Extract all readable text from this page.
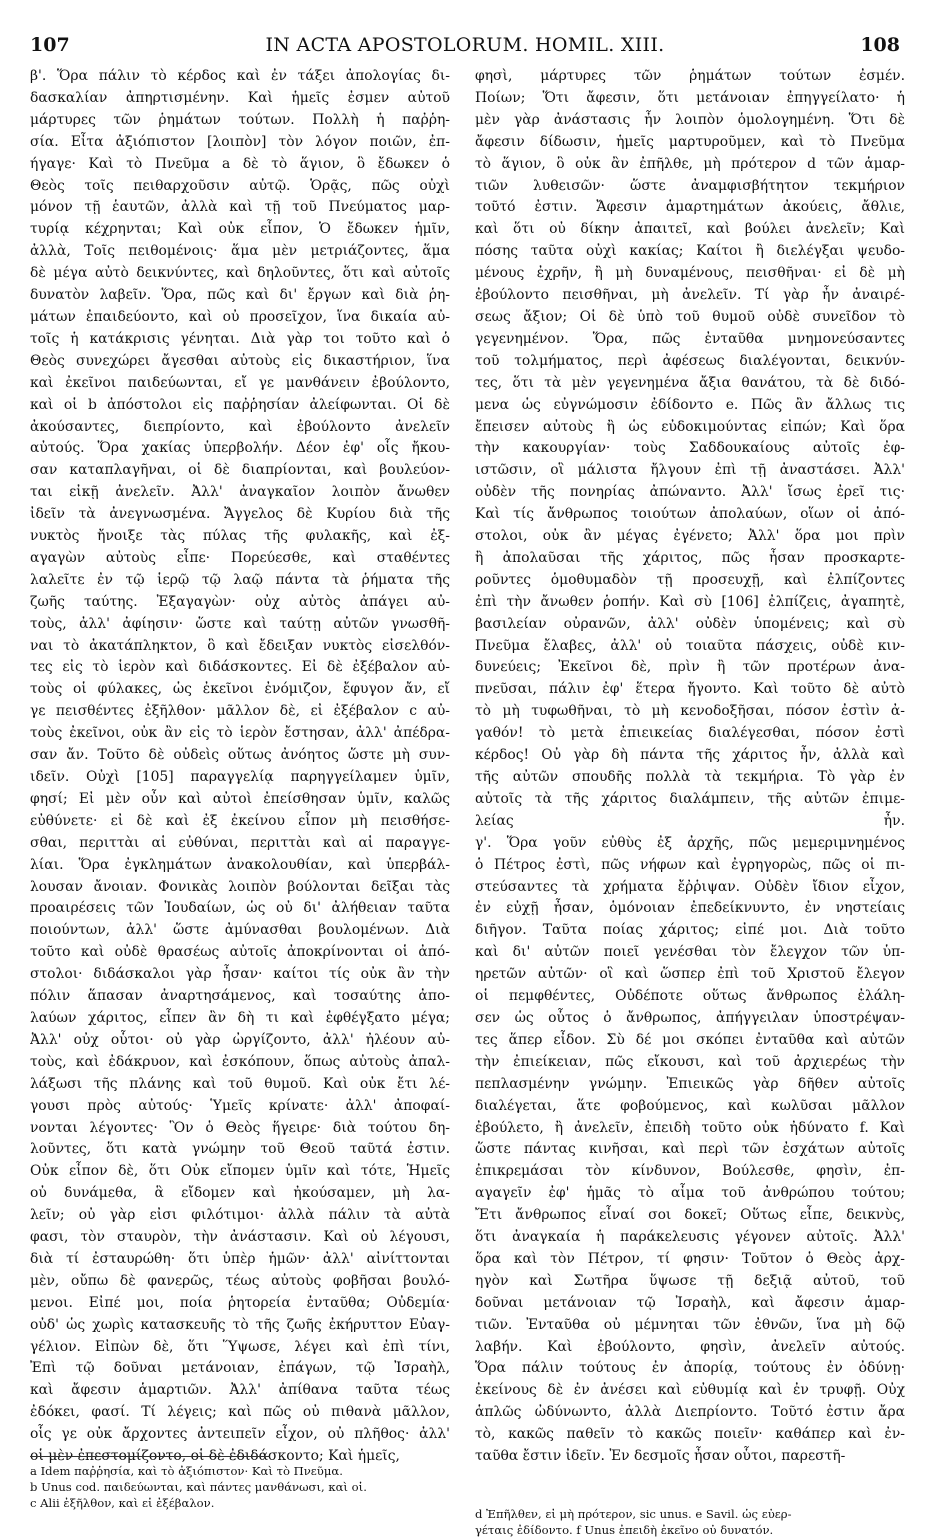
107	IN ACTA APOSTOLORUM. HOMIL. XIII.	108
β'. Ὅρα πάλιν τὸ κέρδος καὶ ἐν τάξει ἀπολογίας δι-
δασκαλίαν ἀπηρτισμένην. Καὶ ἡμεῖς ἐσμεν αὐτοῦ
μάρτυρες τῶν ῥημάτων τούτων. Πολλὴ ἡ παῤῥη-
σία. Εἶτα ἀξιόπιστον [λοιπὸν] τὸν λόγον ποιῶν, ἐπ-
ήγαγε· Καὶ τὸ Πνεῦμα a δὲ τὸ ἅγιον, ὃ ἔδωκεν ὁ
Θεὸς τοῖς πειθαρχοῦσιν αὐτῷ. Ὁρᾷς, πῶς οὐχὶ
μόνον τῇ ἑαυτῶν, ἀλλὰ καὶ τῇ τοῦ Πνεύματος μαρ-
τυρίᾳ κέχρηνται; Καὶ οὐκ εἶπον, Ὁ ἔδωκεν ἡμῖν,
ἀλλὰ, Τοῖς πειθομένοις· ἅμα μὲν μετριάζοντες, ἅμα
δὲ μέγα αὐτὸ δεικνύντες, καὶ δηλοῦντες, ὅτι καὶ αὐτοῖς
δυνατὸν λαβεῖν. Ὅρα, πῶς καὶ δι' ἔργων καὶ διὰ ῥη-
μάτων ἐπαιδεύοντο, καὶ οὐ προσεῖχον, ἵνα δικαία αὐ-
τοῖς ἡ κατάκρισις γένηται. Διὰ γὰρ τοι τοῦτο καὶ ὁ
Θεὸς συνεχώρει ἄγεσθαι αὐτοὺς εἰς δικαστήριον, ἵνα
καὶ ἐκεῖνοι παιδεύωνται, εἴ γε μανθάνειν ἐβούλοντο,
καὶ οἱ b ἀπόστολοι εἰς παῤῥησίαν ἀλείφωνται. Οἱ δὲ
ἀκούσαντες, διεπρίοντο, καὶ ἐβούλοντο ἀνελεῖν
αὐτούς. Ὅρα χακίας ὑπερβολήν. Δέον ἐφ' οἷς ἤκου-
σαν καταπλαγῆναι, οἱ δὲ διαπρίονται, καὶ βουλεύον-
ται εἰκῇ ἀνελεῖν. Ἀλλ' ἀναγκαῖον λοιπὸν ἄνωθεν
ἰδεῖν τὰ ἀνεγνωσμένα. Ἄγγελος δὲ Κυρίου διὰ τῆς
νυκτὸς ἤνοιξε τὰς πύλας τῆς φυλακῆς, καὶ ἐξ-
αγαγὼν αὐτοὺς εἶπε· Πορεύεσθε, καὶ σταθέντες
λαλεῖτε ἐν τῷ ἱερῷ τῷ λαῷ πάντα τὰ ῥήματα τῆς
ζωῆς ταύτης. Ἐξαγαγὼν· οὐχ αὐτὸς ἀπάγει αὐ-
τοὺς, ἀλλ' ἀφίησιν· ὥστε καὶ ταύτῃ αὐτῶν γνωσθῆ-
ναι τὸ ἀκατάπληκτον, ὃ καὶ ἔδειξαν νυκτὸς εἰσελθόν-
τες εἰς τὸ ἱερὸν καὶ διδάσκοντες. Εἰ δὲ ἐξέβαλον αὐ-
τοὺς οἱ φύλακες, ὡς ἐκεῖνοι ἐνόμιζον, ἔφυγον ἄν, εἴ
γε πεισθέντες ἐξῆλθον· μᾶλλον δὲ, εἰ ἐξέβαλον c αὐ-
τοὺς ἐκεῖνοι, οὐκ ἂν εἰς τὸ ἱερὸν ἔστησαν, ἀλλ' ἀπέδρα-
σαν ἄν. Τοῦτο δὲ οὐδεὶς οὕτως ἀνόητος ὥστε μὴ συν-
ιδεῖν. Οὐχὶ [105] παραγγελίᾳ παρηγγείλαμεν ὑμῖν,
φησί; Εἰ μὲν οὖν καὶ αὐτοὶ ἐπείσθησαν ὑμῖν, καλῶς
εὐθύνετε· εἰ δὲ καὶ ἐξ ἐκείνου εἶπον μὴ πεισθήσε-
σθαι, περιττὰι αἱ εὐθύναι, περιττὰι καὶ αἱ παραγγε-
λίαι. Ὅρα ἐγκλημάτων ἀνακολουθίαν, καὶ ὑπερβάλ-
λουσαν ἄνοιαν. Φονικὰς λοιπὸν βούλονται δεῖξαι τὰς
προαιρέσεις τῶν Ἰουδαίων, ὡς οὐ δι' ἀλήθειαν ταῦτα
ποιούντων, ἀλλ' ὥστε ἀμύνασθαι βουλομένων. Διὰ
τοῦτο καὶ οὐδὲ θρασέως αὐτοῖς ἀποκρίνονται οἱ ἀπό-
στολοι· διδάσκαλοι γὰρ ἦσαν· καίτοι τίς οὐκ ἂν τὴν
πόλιν ἅπασαν ἀναρτησάμενος, καὶ τοσαύτης ἀπο-
λαύων χάριτος, εἶπεν ἂν δὴ τι καὶ ἐφθέγξατο μέγα;
Ἀλλ' οὐχ οὗτοι· οὐ γὰρ ὠργίζοντο, ἀλλ' ἠλέουν αὐ-
τοὺς, καὶ ἐδάκρυον, καὶ ἐσκόπουν, ὅπως αὐτοὺς ἀπαλ-
λάξωσι τῆς πλάνης καὶ τοῦ θυμοῦ. Καὶ οὐκ ἔτι λέ-
γουσι πρὸς αὐτούς· Ὑμεῖς κρίνατε· ἀλλ' ἀποφαί-
νονται λέγοντες· Ὃν ὁ Θεὸς ἥγειρε· διὰ τούτου δη-
λοῦντες, ὅτι κατὰ γνώμην τοῦ Θεοῦ ταῦτά ἐστιν.
Οὐκ εἶπον δὲ, ὅτι Οὐκ εἴπομεν ὑμῖν καὶ τότε, Ἡμεῖς
οὐ δυνάμεθα, ἃ εἴδομεν καὶ ἠκούσαμεν, μὴ λα-
λεῖν; οὐ γὰρ εἰσι φιλότιμοι· ἀλλὰ πάλιν τὰ αὐτὰ
φασι, τὸν σταυρὸν, τὴν ἀνάστασιν. Καὶ οὐ λέγουσι,
διὰ τί ἐσταυρώθη· ὅτι ὑπὲρ ἡμῶν· ἀλλ' αἰνίττονται
μὲν, οὔπω δὲ φανερῶς, τέως αὐτοὺς φοβῆσαι βουλό-
μενοι. Εἰπέ μοι, ποία ῥητορεία ἐνταῦθα; Οὐδεμία·
οὐδ' ὡς χωρὶς κατασκευῆς τὸ τῆς ζωῆς ἐκήρυττον Εὐαγ-
γέλιον. Εἰπὼν δὲ, ὅτι Ὕψωσε, λέγει καὶ ἐπὶ τίνι,
Ἐπὶ τῷ δοῦναι μετάνοιαν, ἐπάγων, τῷ Ἰσραὴλ,
καὶ ἄφεσιν ἁμαρτιῶν. Ἀλλ' ἀπίθανα ταῦτα τέως
ἐδόκει, φασί. Τί λέγεις; καὶ πῶς οὐ πιθανὰ μᾶλλον,
οἷς γε οὐκ ἄρχοντες ἀντειπεῖν εἶχον, οὐ πλῆθος· ἀλλ'
οἱ μὲν ἐπεστομίζοντο, οἱ δὲ ἐδιδάσκοντο; Καὶ ἡμεῖς,
φησὶ, μάρτυρες τῶν ῥημάτων τούτων ἐσμέν.
Ποίων; Ὅτι ἄφεσιν, ὅτι μετάνοιαν ἐπηγγείλατο· ἡ
μὲν γὰρ ἀνάστασις ἦν λοιπὸν ὁμολογημένη. Ὅτι δὲ
ἄφεσιν δίδωσιν, ἡμεῖς μαρτυροῦμεν, καὶ τὸ Πνεῦμα
τὸ ἅγιον, ὃ οὐκ ἂν ἐπῆλθε, μὴ πρότερον d τῶν ἁμαρ-
τιῶν λυθεισῶν· ὥστε ἀναμφισβήτητον τεκμήριον
τοῦτό ἐστιν. Ἄφεσιν ἁμαρτημάτων ἀκούεις, ἄθλιε,
καὶ ὅτι οὐ δίκην ἀπαιτεῖ, καὶ βούλει ἀνελεῖν; Καὶ
πόσης ταῦτα οὐχὶ κακίας; Καίτοι ἢ διελέγξαι ψευδο-
μένους ἐχρῆν, ἢ μὴ δυναμένους, πεισθῆναι· εἰ δὲ μὴ
ἐβούλοντο πεισθῆναι, μὴ ἀνελεῖν. Τί γὰρ ἦν ἀναιρέ-
σεως ἄξιον; Οἱ δὲ ὑπὸ τοῦ θυμοῦ οὐδὲ συνεῖδον τὸ
γεγενημένον. Ὅρα, πῶς ἐνταῦθα μνημονεύσαντες
τοῦ τολμήματος, περὶ ἀφέσεως διαλέγονται, δεικνύν-
τες, ὅτι τὰ μὲν γεγενημένα ἄξια θανάτου, τὰ δὲ διδό-
μενα ὡς εὐγνώμοσιν ἐδίδοντο e. Πῶς ἂν ἄλλως τις
ἔπεισεν αὐτοὺς ἢ ὡς εὐδοκιμούντας εἰπών; Καὶ ὅρα
τὴν κακουργίαν· τοὺς Σαδδουκαίους αὐτοῖς ἐφ-
ιστῶσιν, οἳ μάλιστα ἤλγουν ἐπὶ τῇ ἀναστάσει. Ἀλλ'
οὐδὲν τῆς πονηρίας ἀπώναντο. Ἀλλ' ἴσως ἐρεῖ τις·
Καὶ τίς ἄνθρωπος τοιούτων ἀπολαύων, οἵων οἱ ἀπό-
στολοι, οὐκ ἂν μέγας ἐγένετο; Ἀλλ' ὅρα μοι πρὶν
ἢ ἀπολαῦσαι τῆς χάριτος, πῶς ἦσαν προσκαρτε-
ροῦντες ὁμοθυμαδὸν τῇ προσευχῇ, καὶ ἐλπίζοντες
ἐπὶ τὴν ἄνωθεν ῥοπήν. Καὶ σὺ [106] ἐλπίζεις, ἀγαπητὲ,
βασιλείαν οὐρανῶν, ἀλλ' οὐδὲν ὑπομένεις; καὶ σὺ
Πνεῦμα ἔλαβες, ἀλλ' οὐ τοιαῦτα πάσχεις, οὐδὲ κιν-
δυνεύεις; Ἐκεῖνοι δὲ, πρὶν ἢ τῶν προτέρων ἀνα-
πνεῦσαι, πάλιν ἐφ' ἕτερα ἤγοντο. Καὶ τοῦτο δὲ αὐτὸ
τὸ μὴ τυφωθῆναι, τὸ μὴ κενοδοξῆσαι, πόσον ἐστὶν ἀ-
γαθόν! τὸ μετὰ ἐπιεικείας διαλέγεσθαι, πόσον ἐστὶ
κέρδος! Οὐ γὰρ δὴ πάντα τῆς χάριτος ἦν, ἀλλὰ καὶ
τῆς αὐτῶν σπουδῆς πολλὰ τὰ τεκμήρια. Τὸ γὰρ ἐν
αὐτοῖς τὰ τῆς χάριτος διαλάμπειν, τῆς αὐτῶν ἐπιμε-
λείας ἦν.
γ'. Ὅρα γοῦν εὐθὺς ἐξ ἀρχῆς, πῶς μεμεριμνημένος
ὁ Πέτρος ἐστὶ, πῶς νήφων καὶ ἐγρηγορὼς, πῶς οἱ πι-
στεύσαντες τὰ χρήματα ἔῤῥιψαν. Οὐδὲν ἴδιον εἶχον,
ἐν εὐχῇ ἦσαν, ὁμόνοιαν ἐπεδείκνυντο, ἐν νηστείαις
διῆγον. Ταῦτα ποίας χάριτος; εἰπέ μοι. Διὰ τοῦτο
καὶ δι' αὐτῶν ποιεῖ γενέσθαι τὸν ἔλεγχον τῶν ὑπ-
ηρετῶν αὐτῶν· οἳ καὶ ὥσπερ ἐπὶ τοῦ Χριστοῦ ἔλεγον
οἱ πεμφθέντες, Οὐδέποτε οὕτως ἄνθρωπος ἐλάλη-
σεν ὡς οὗτος ὁ ἄνθρωπος, ἀπήγγειλαν ὑποστρέψαν-
τες ἅπερ εἶδον. Σὺ δέ μοι σκόπει ἐνταῦθα καὶ αὐτῶν
τὴν ἐπιείκειαν, πῶς εἴκουσι, καὶ τοῦ ἀρχιερέως τὴν
πεπλασμένην γνώμην. Ἐπιεικῶς γὰρ δῆθεν αὐτοῖς
διαλέγεται, ἅτε φοβούμενος, καὶ κωλῦσαι μᾶλλον
ἐβούλετο, ἢ ἀνελεῖν, ἐπειδὴ τοῦτο οὐκ ἠδύνατο f. Καὶ
ὥστε πάντας κινῆσαι, καὶ περὶ τῶν ἐσχάτων αὐτοῖς
ἐπικρεμάσαι τὸν κίνδυνον, Βούλεσθε, φησὶν, ἐπ-
αγαγεῖν ἐφ' ἡμᾶς τὸ αἷμα τοῦ ἀνθρώπου τούτου;
Ἔτι ἄνθρωπος εἶναί σοι δοκεῖ; Οὕτως εἶπε, δεικνὺς,
ὅτι ἀναγκαία ἡ παράκελευσις γέγονεν αὐτοῖς. Ἀλλ'
ὅρα καὶ τὸν Πέτρον, τί φησιν· Τοῦτον ὁ Θεὸς ἀρχ-
ηγὸν καὶ Σωτῆρα ὕψωσε τῇ δεξιᾷ αὐτοῦ, τοῦ
δοῦναι μετάνοιαν τῷ Ἰσραὴλ, καὶ ἄφεσιν ἁμαρ-
τιῶν. Ἐνταῦθα οὐ μέμνηται τῶν ἐθνῶν, ἵνα μὴ δῷ
λαβήν. Καὶ ἐβούλοντο, φησὶν, ἀνελεῖν αὐτούς.
Ὅρα πάλιν τούτους ἐν ἀπορίᾳ, τούτους ἐν ὀδύνῃ·
ἐκείνους δὲ ἐν ἀνέσει καὶ εὐθυμίᾳ καὶ ἐν τρυφῇ. Οὐχ
ἁπλῶς ὠδύνωντο, ἀλλὰ Διεπρίοντο. Τοῦτό ἐστιν ἄρα
τὸ, κακῶς παθεῖν τὸ κακῶς ποιεῖν· καθάπερ καὶ ἐν-
ταῦθα ἔστιν ἰδεῖν. Ἐν δεσμοῖς ἦσαν οὗτοι, παρεστῆ-
a Idem παῤῥησία, καὶ τὸ ἀξιόπιστον· Καὶ τὸ Πνεῦμα.
b Unus cod. παιδεύωνται, καὶ πάντες μανθάνωσι, καὶ οἱ.
c Alii ἐξῆλθον, καὶ εἰ ἐξέβαλον.
d Ἐπῆλθεν, εἰ μὴ πρότερον, sic unus. e Savil. ὡς εὐερ-
γέταις ἐδίδοντο. f Unus ἐπειδὴ ἐκεῖνο οὐ δυνατόν.
